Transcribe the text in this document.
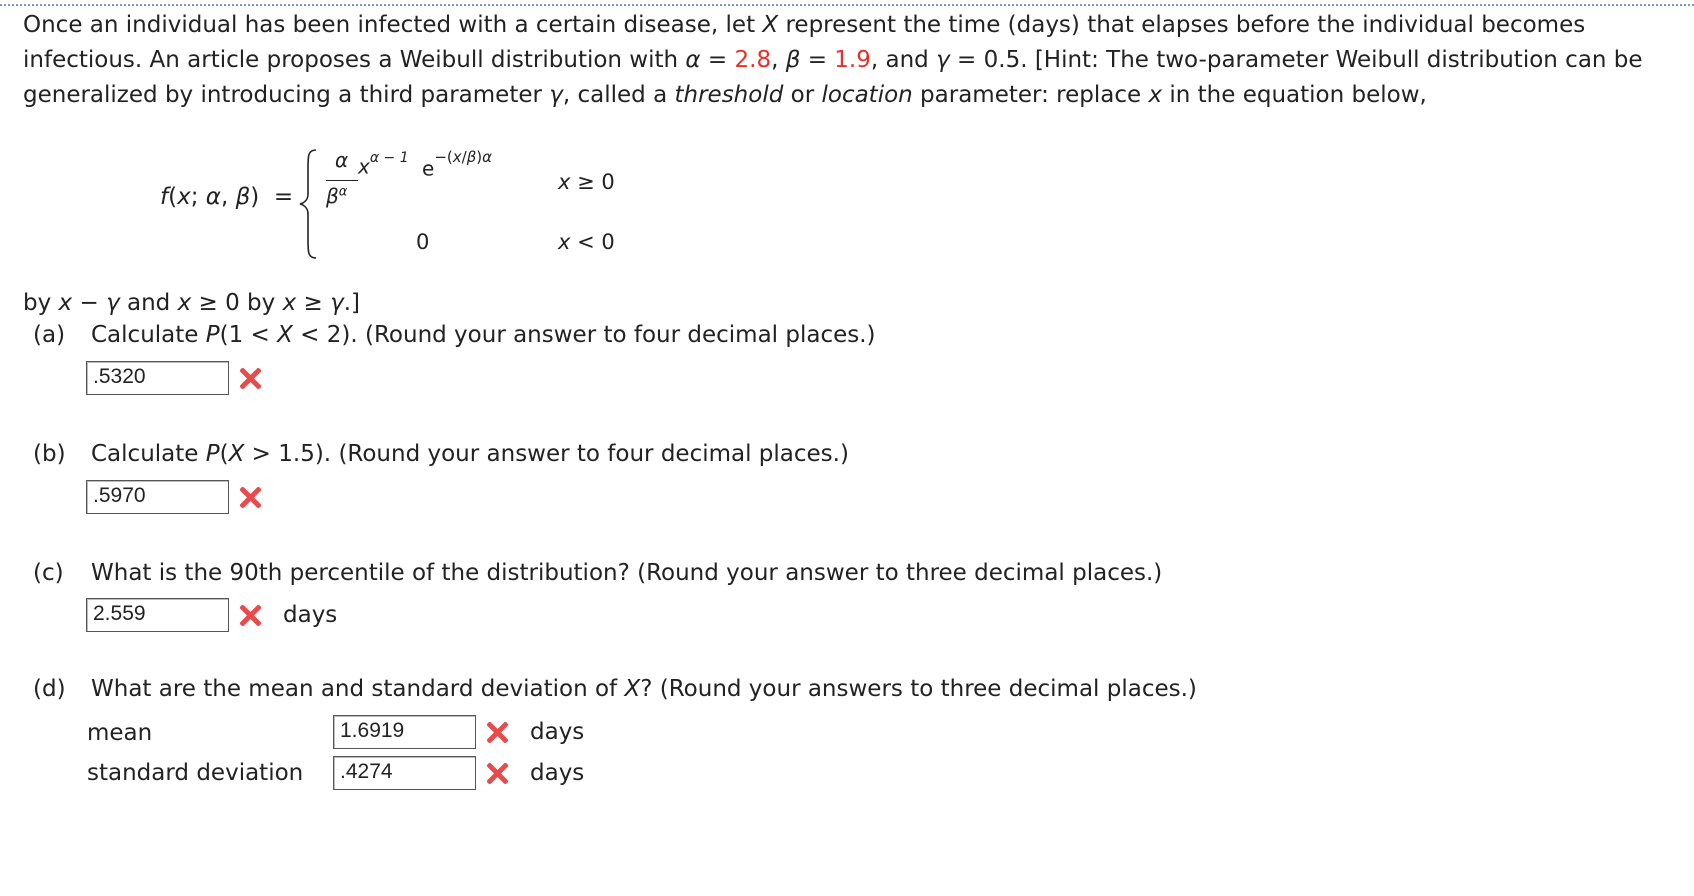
Once an individual has been infected with a certain disease, let X represent the time (days) that elapses before the individual becomes infectious. An article proposes a Weibull distribution with α = 2.8, β = 1.9, and γ = 0.5. [Hint: The two-parameter Weibull distribution can be generalized by introducing a third parameter γ, called a threshold or location parameter: replace x in the equation below,
f(x; α, β)  =
α
$\beta^\alpha$
$x^{\alpha - 1}$ $e^{-(x/\beta)\alpha}$
x ≥ 0
0	x < 0
by x − γ and x ≥ 0 by x ≥ γ.]
(a) Calculate P(1 < X < 2). (Round your answer to four decimal places.)
.5320
(b) Calculate P(X > 1.5). (Round your answer to four decimal places.)
.5970
(c) What is the 90th percentile of the distribution? (Round your answer to three decimal places.)
2.559	days
(d) What are the mean and standard deviation of X? (Round your answers to three decimal places.)
mean	1.6919	days
standard deviation	.4274	days
